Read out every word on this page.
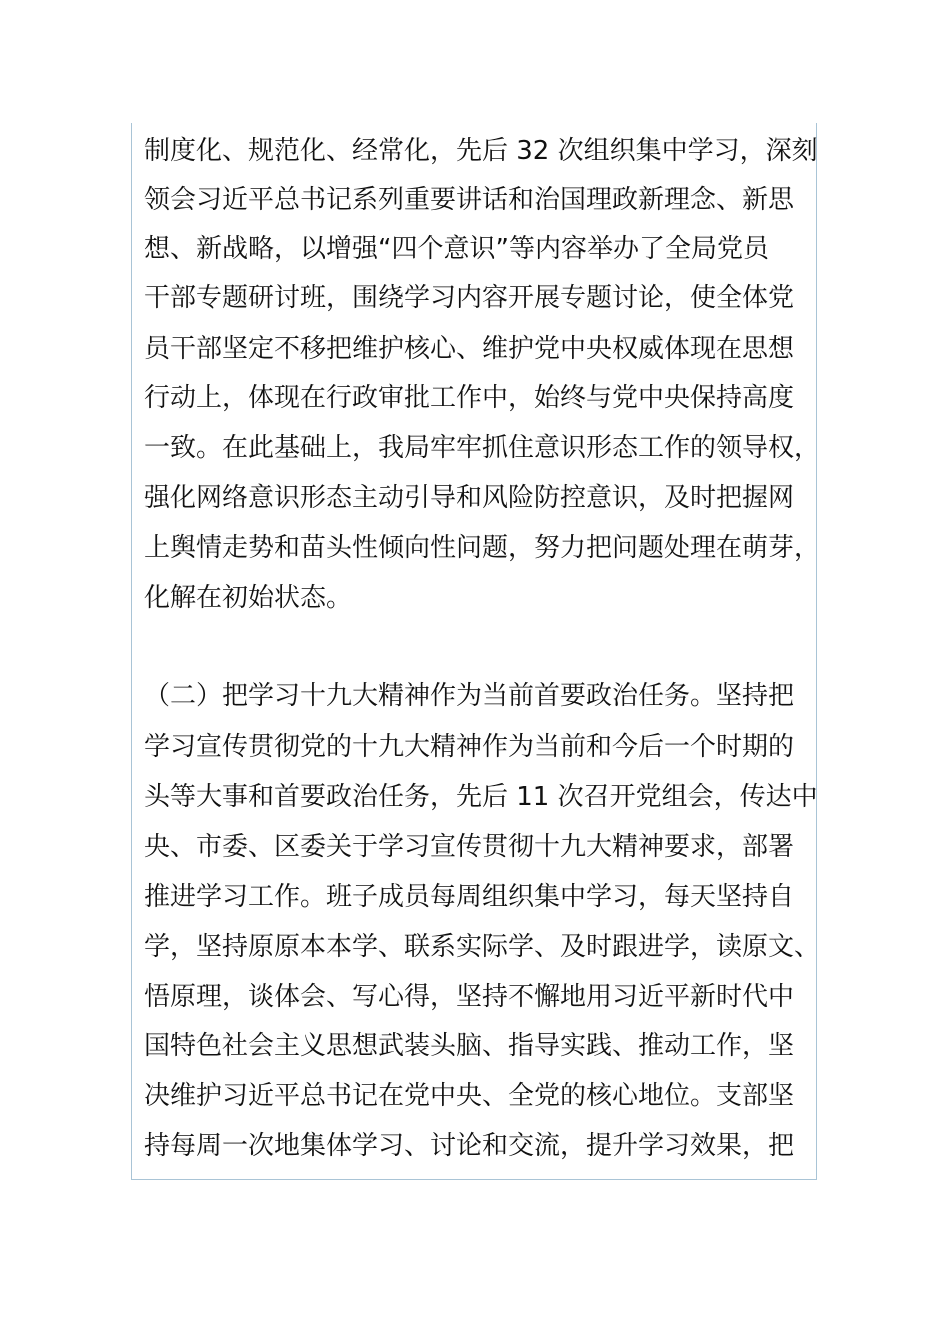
制度化、规范化、经常化，先后 32 次组织集中学习，深刻

领会习近平总书记系列重要讲话和治国理政新理念、新思

想、新战略，以增强“四个意识”等内容举办了全局党员

干部专题研讨班，围绕学习内容开展专题讨论，使全体党

员干部坚定不移把维护核心、维护党中央权威体现在思想

行动上，体现在行政审批工作中，始终与党中央保持高度

一致。在此基础上，我局牢牢抓住意识形态工作的领导权，

强化网络意识形态主动引导和风险防控意识，及时把握网

上舆情走势和苗头性倾向性问题，努力把问题处理在萌芽，

化解在初始状态。

（二）把学习十九大精神作为当前首要政治任务。坚持把

学习宣传贯彻党的十九大精神作为当前和今后一个时期的

头等大事和首要政治任务，先后 11 次召开党组会，传达中

央、市委、区委关于学习宣传贯彻十九大精神要求，部署

推进学习工作。班子成员每周组织集中学习，每天坚持自

学，坚持原原本本学、联系实际学、及时跟进学，读原文、

悟原理，谈体会、写心得，坚持不懈地用习近平新时代中

国特色社会主义思想武装头脑、指导实践、推动工作，坚

决维护习近平总书记在党中央、全党的核心地位。支部坚

持每周一次地集体学习、讨论和交流，提升学习效果，把
